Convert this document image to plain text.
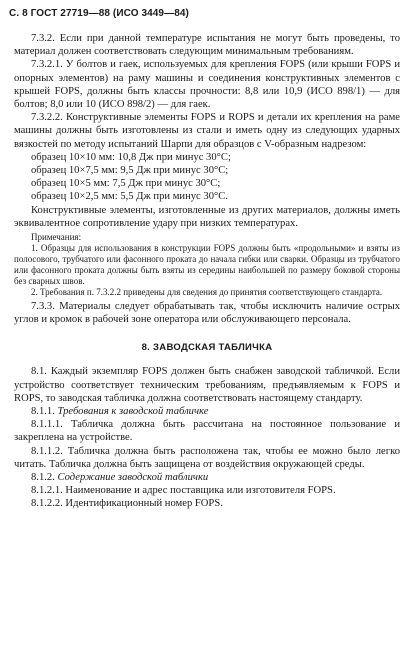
С. 8 ГОСТ 27719—88 (ИСО 3449—84)

7.3.2. Если при данной температуре испытания не могут быть проведены, то материал должен соответствовать следующим минимальным требованиям.

7.3.2.1. У болтов и гаек, используемых для крепления FOPS (или крыши FOPS и опорных элементов) на раму машины и соединения конструктивных элементов с крышей FOPS, должны быть классы прочности: 8,8 или 10,9 (ИСО 898/1) — для болтов; 8,0 или 10 (ИСО 898/2) — для гаек.

7.3.2.2. Конструктивные элементы FOPS и ROPS и детали их крепления на раме машины должны быть изготовлены из стали и иметь одну из следующих ударных вязкостей по методу испытаний Шарпи для образцов с V-образным надрезом:

образец 10×10 мм: 10,8 Дж при минус 30°С;

образец 10×7,5 мм: 9,5 Дж при минус 30°С;

образец 10×5 мм: 7,5 Дж при минус 30°С;

образец 10×2,5 мм: 5,5 Дж при минус 30°С.

Конструктивные элементы, изготовленные из других материалов, должны иметь эквивалентное сопротивление удару при низких температурах.

Примечания:

1. Образцы для использования в конструкции FOPS должны быть «продольными» и взяты из полосового, трубчатого или фасонного проката до начала гибки или сварки. Образцы из трубчатого или фасонного проката должны быть взяты из середины наибольшей по размеру боковой стороны без сварных швов.

2. Требования п. 7.3.2.2 приведены для сведения до принятия соответствующего стандарта.

7.3.3. Материалы следует обрабатывать так, чтобы исключить наличие острых углов и кромок в рабочей зоне оператора или обслуживающего персонала.

8. ЗАВОДСКАЯ ТАБЛИЧКА

8.1. Каждый экземпляр FOPS должен быть снабжен заводской табличкой. Если устройство соответствует техническим требованиям, предъявляемым к FOPS и ROPS, то заводская табличка должна соответствовать настоящему стандарту.

8.1.1. Требования к заводской табличке

8.1.1.1. Табличка должна быть рассчитана на постоянное пользование и закреплена на устройстве.

8.1.1.2. Табличка должна быть расположена так, чтобы ее можно было легко читать. Табличка должна быть защищена от воздействия окружающей среды.

8.1.2. Содержание заводской таблички

8.1.2.1. Наименование и адрес поставщика или изготовителя FOPS.

8.1.2.2. Идентификационный номер FOPS.
